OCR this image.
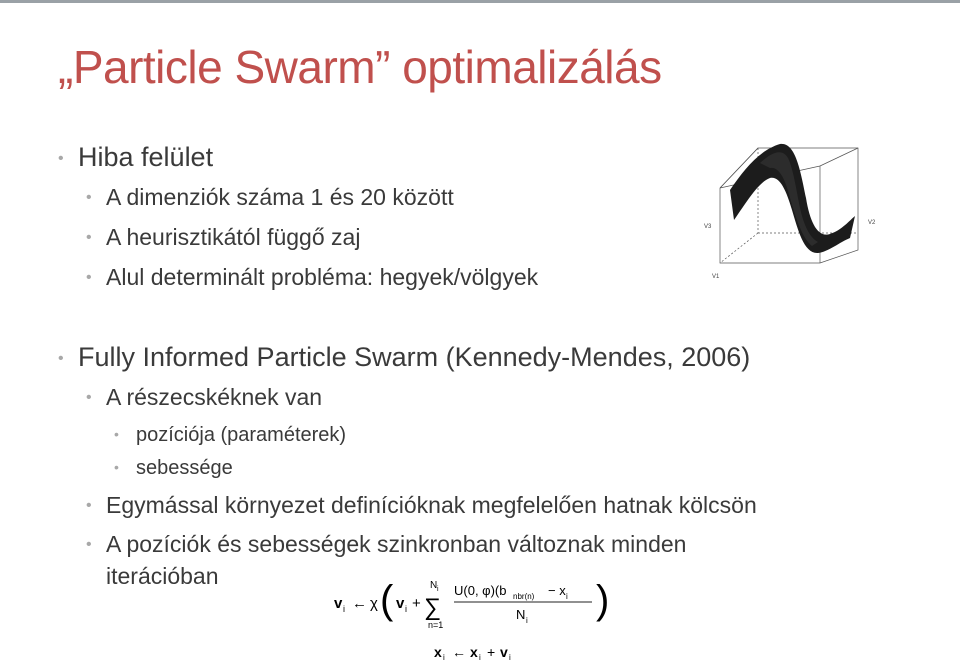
„Particle Swarm” optimalizálás
• Hiba felület
• A dimenziók száma 1 és 20 között
• A heurisztikától függő zaj
• Alul determinált probléma: hegyek/völgyek
• Fully Informed Particle Swarm (Kennedy-Mendes, 2006)
• A részecskéknek van
• pozíciója (paraméterek)
• sebessége
• Egymással környezet definícióknak megfelelően hatnak kölcsön
• A pozíciók és sebességek szinkronban változnak minden
iterációban
V1
V2
V3
v i ← χ ( v i +
N i
∑
n=1
U(0, φ)(b nbr(n) − x i
N i )
x i ← x i + v i
